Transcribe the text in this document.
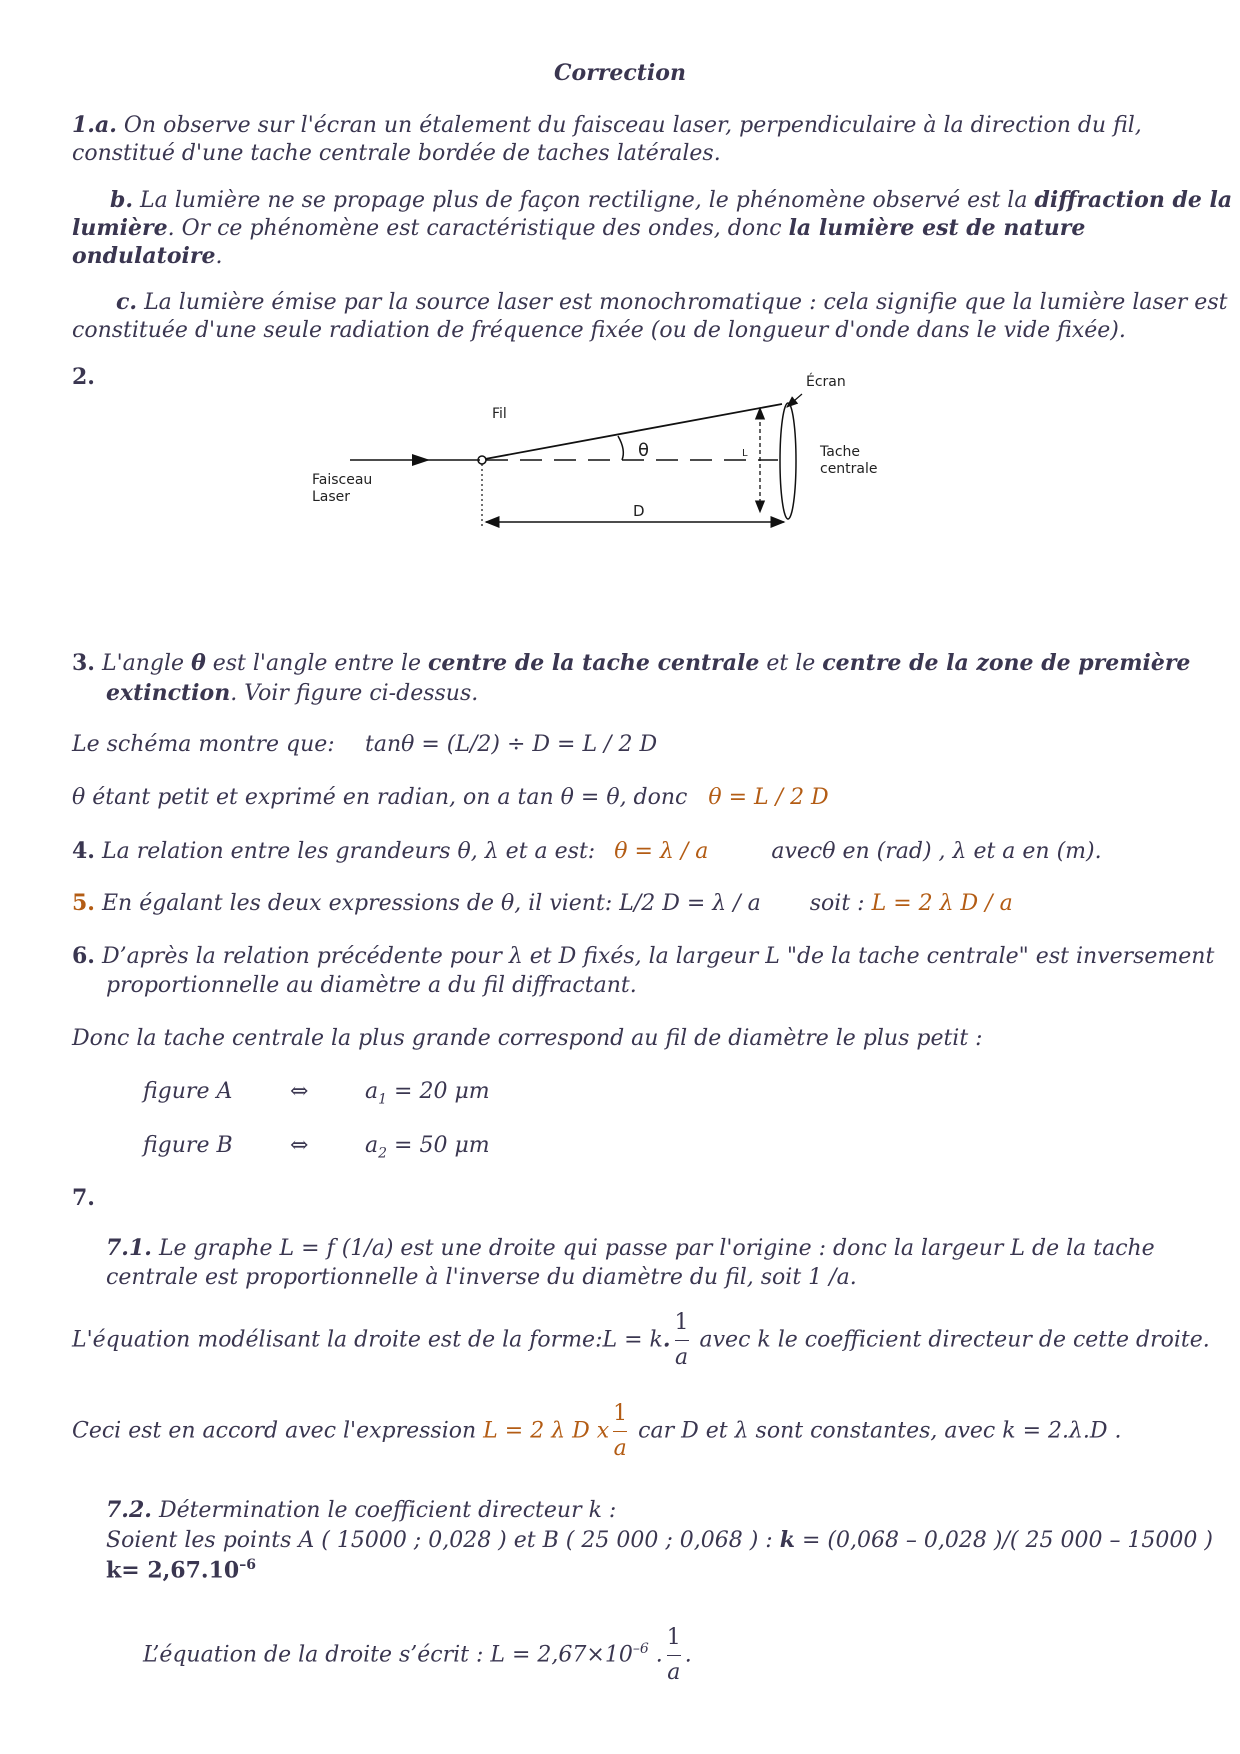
Correction
1.a. On observe sur l'écran un étalement du faisceau laser, perpendiculaire à la direction du fil,
constitué d'une tache centrale bordée de taches latérales.
b. La lumière ne se propage plus de façon rectiligne, le phénomène observé est la diffraction de la
lumière. Or ce phénomène est caractéristique des ondes, donc la lumière est de nature
ondulatoire.
c. La lumière émise par la source laser est monochromatique : cela signifie que la lumière laser est
constituée d'une seule radiation de fréquence fixée (ou de longueur d'onde dans le vide fixée).
2.	Écran
Fil
θ	L	Tache
centrale
Faisceau
Laser
D
3. L'angle θ est l'angle entre le centre de la tache centrale et le centre de la zone de première
extinction. Voir figure ci-dessus.
Le schéma montre que: tanθ = (L/2) ÷ D = L / 2 D
θ étant petit et exprimé en radian, on a tan θ = θ, donc θ = L / 2 D
4. La relation entre les grandeurs θ, λ et a est: θ = λ / a	avecθ en (rad) , λ et a en (m).
5. En égalant les deux expressions de θ, il vient: L/2 D = λ / a soit : L = 2 λ D / a
6. D’après la relation précédente pour λ et D fixés, la largeur L "de la tache centrale" est inversement
proportionnelle au diamètre a du fil diffractant.
Donc la tache centrale la plus grande correspond au fil de diamètre le plus petit :
figure A	⇔	$a_1 = 20$ μm
figure B	⇔	$a_2 = 50$ μm
7.
7.1. Le graphe L = f (1/a) est une droite qui passe par l'origine : donc la largeur L de la tache
centrale est proportionnelle à l'inverse du diamètre du fil, soit 1 /a.
L'équation modélisant la droite est de la forme:L = k. $\frac{1}{a}$ avec k le coefficient directeur de cette droite.
Ceci est en accord avec l'expression L = 2 λ D x $\frac{1}{a}$ car D et λ sont constantes, avec k = 2.λ.D .
7.2. Détermination le coefficient directeur k :
Soient les points A ( 15000 ; 0,028 ) et B ( 25 000 ; 0,068 ) : k = (0,068 – 0,028 )/( 25 000 – 15000 )
$k= 2,67.10^{-6}$
L’équation de la droite s’écrit : $L = 2,67\times 10^{-6}$ . $\frac{1}{a}$ .
